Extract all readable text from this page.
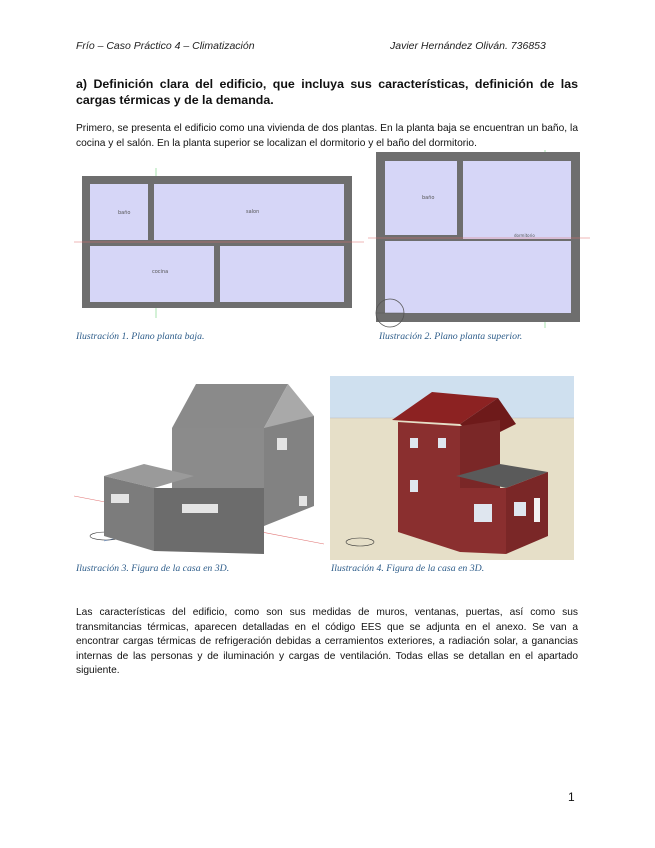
Frío – Caso Práctico 4 – Climatización	Javier Hernández Oliván. 736853
a) Definición clara del edificio, que incluya sus características, definición de las cargas térmicas y de la demanda.
Primero, se presenta el edificio como una vivienda de dos plantas. En la planta baja se encuentran un baño, la cocina y el salón. En la planta superior se localizan el dormitorio y el baño del dormitorio.
baño	salon
cocina
Ilustración 1. Plano planta baja.
baño
dormitorio
Ilustración 2. Plano planta superior.
Ilustración 3. Figura de la casa en 3D.	Ilustración 4. Figura de la casa en 3D.
Las características del edificio, como son sus medidas de muros, ventanas, puertas, así como sus transmitancias térmicas, aparecen detalladas en el código EES que se adjunta en el anexo. Se van a encontrar cargas térmicas de refrigeración debidas a cerramientos exteriores, a radiación solar, a ganancias internas de las personas y de iluminación y cargas de ventilación. Todas ellas se detallan en el apartado siguiente.
1
